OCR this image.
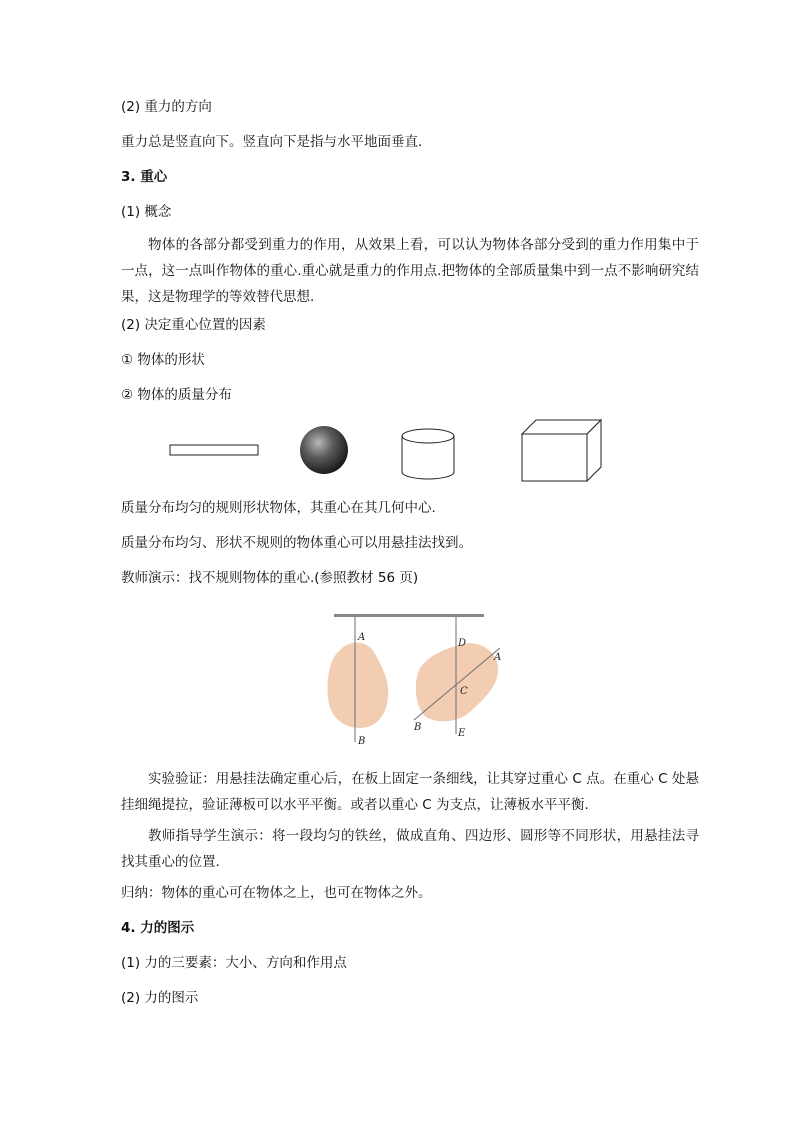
(2) 重力的方向
重力总是竖直向下。竖直向下是指与水平地面垂直.
3. 重心
(1) 概念
物体的各部分都受到重力的作用，从效果上看，可以认为物体各部分受到的重力作用集中于一点，这一点叫作物体的重心.重心就是重力的作用点.把物体的全部质量集中到一点不影响研究结果，这是物理学的等效替代思想.
(2) 决定重心位置的因素
① 物体的形状
② 物体的质量分布
质量分布均匀的规则形状物体，其重心在其几何中心.
质量分布均匀、形状不规则的物体重心可以用悬挂法找到。
教师演示：找不规则物体的重心.(参照教材 56 页)
A
B
D
A
C
B
E
实验验证：用悬挂法确定重心后，在板上固定一条细线，让其穿过重心 C 点。在重心 C 处悬挂细绳提拉，验证薄板可以水平平衡。或者以重心 C 为支点，让薄板水平平衡.
教师指导学生演示：将一段均匀的铁丝，做成直角、四边形、圆形等不同形状，用悬挂法寻找其重心的位置.
归纳：物体的重心可在物体之上，也可在物体之外。
4. 力的图示
(1) 力的三要素：大小、方向和作用点
(2) 力的图示
